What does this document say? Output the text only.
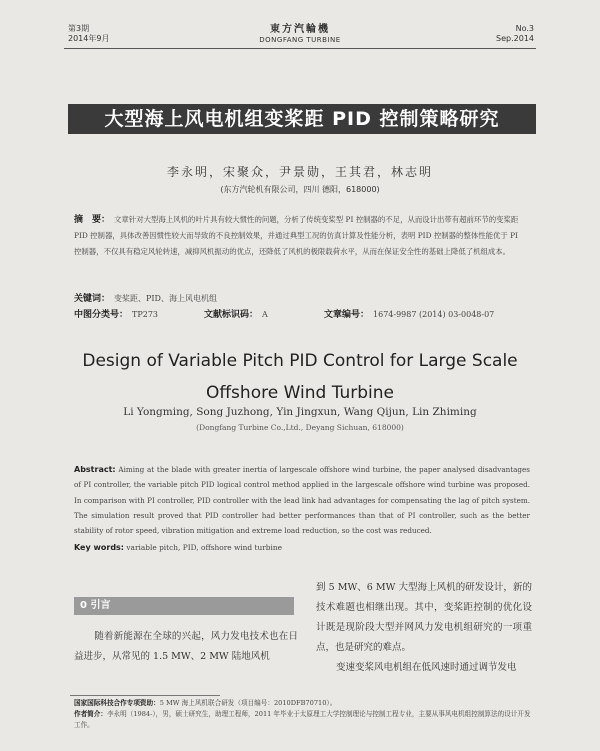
第3期
2014年9月
東方汽輪機
DONGFANG TURBINE
No.3
Sep.2014
大型海上风电机组变桨距 PID 控制策略研究
李永明，宋聚众，尹景勋，王其君，林志明
(东方汽轮机有限公司，四川 德阳，618000)
摘　要： 文章针对大型海上风机的叶片具有较大惯性的问题，分析了传统变桨型 PI 控制器的不足，从而设计出带有超前环节的变桨距 PID 控制器，具体改善因惯性较大而导致的不良控制效果，并通过典型工况的仿真计算及性能分析，表明 PID 控制器的整体性能优于 PI 控制器，不仅具有稳定风轮转速，减抑风机振动的优点，还降低了风机的极限载荷水平，从而在保证安全性的基础上降低了机组成本。
关键词： 变桨距、PID、海上风电机组
中图分类号： TP273	文献标识码： A	文章编号： 1674-9987 (2014) 03-0048-07
Design of Variable Pitch PID Control for Large Scale Offshore Wind Turbine
Li Yongming, Song Juzhong, Yin Jingxun, Wang Qijun, Lin Zhiming
(Dongfang Turbine Co.,Ltd., Deyang Sichuan, 618000)
Abstract: Aiming at the blade with greater inertia of largescale offshore wind turbine, the paper analysed disadvantages of PI controller, the variable pitch PID logical control method applied in the largescale offshore wind turbine was proposed. In comparison with PI controller, PID controller with the lead link had advantages for compensating the lag of pitch system. The simulation result proved that PID controller had better performances than that of PI controller, such as the better stability of rotor speed, vibration mitigation and extreme load reduction, so the cost was reduced.
Key words: variable pitch, PID, offshore wind turbine
0 引言
随着新能源在全球的兴起，风力发电技术也在日益进步，从常见的 1.5 MW、2 MW 陆地风机
到 5 MW、6 MW 大型海上风机的研发设计，新的技术难题也相继出现。其中，变桨距控制的优化设计既是现阶段大型并网风力发电机组研究的一项重点，也是研究的难点。
变速变桨风电机组在低风速时通过调节发电
国家国际科技合作专项资助：5 MW 海上风机联合研发（项目编号：2010DFB70710）。
作者简介：李永明（1984-），男，硕士研究生，助理工程师，2011 年毕业于太原理工大学控制理论与控制工程专业，主要从事风电机组控制算法的设计开发工作。
